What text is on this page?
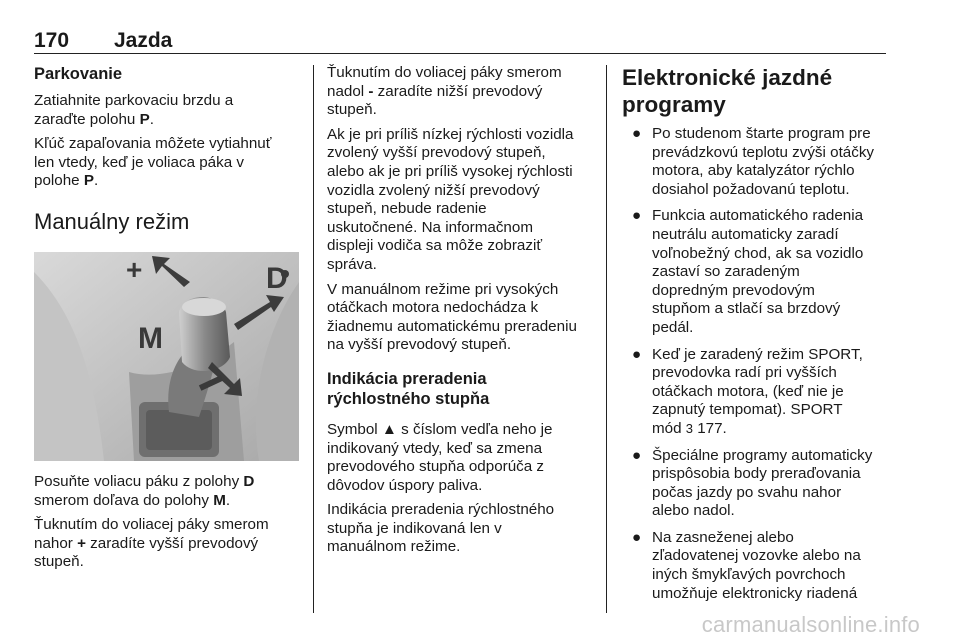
170 Jazda
Parkovanie

Zatiahnite parkovaciu brzdu a
zaraďte polohu P.

Kľúč zapaľovania môžete vytiahnuť
len vtedy, keď je voliaca páka v
polohe P.

Manuálny režim
+	D
M

Posuňte voliacu páku z polohy D
smerom doľava do polohy M.

Ťuknutím do voliacej páky smerom
nahor + zaradíte vyšší prevodový
stupeň.

Ťuknutím do voliacej páky smerom
nadol - zaradíte nižší prevodový
stupeň.

Ak je pri príliš nízkej rýchlosti vozidla
zvolený vyšší prevodový stupeň,
alebo ak je pri príliš vysokej rýchlosti
vozidla zvolený nižší prevodový
stupeň, nebude radenie
uskutočnené. Na informačnom
displeji vodiča sa môže zobraziť
správa.

V manuálnom režime pri vysokých
otáčkach motora nedochádza k
žiadnemu automatickému preradeniu
na vyšší prevodový stupeň.

Indikácia preradenia
rýchlostného stupňa

Symbol ▲ s číslom vedľa neho je

indikovaný vtedy, keď sa zmena
prevodového stupňa odporúča z
dôvodov úspory paliva.

Indikácia preradenia rýchlostného
stupňa je indikovaná len v
manuálnom režime.

Elektronické jazdné
programy
● Po studenom štarte program pre
prevádzkovú teplotu zvýši otáčky
motora, aby katalyzátor rýchlo
dosiahol požadovanú teplotu.
● Funkcia automatického radenia
neutrálu automaticky zaradí
voľnobežný chod, ak sa vozidlo
zastaví so zaradeným
dopredným prevodovým
stupňom a stlačí sa brzdový
pedál.
● Keď je zaradený režim SPORT,
prevodovka radí pri vyšších
otáčkach motora, (keď nie je
zapnutý tempomat). SPORT
mód 3 177.
● Špeciálne programy automaticky
prispôsobia body preraďovania
počas jazdy po svahu nahor
alebo nadol.
● Na zasneženej alebo
zľadovatenej vozovke alebo na
iných šmykľavých povrchoch
umožňuje elektronicky riadená
carmanualsonline.info
